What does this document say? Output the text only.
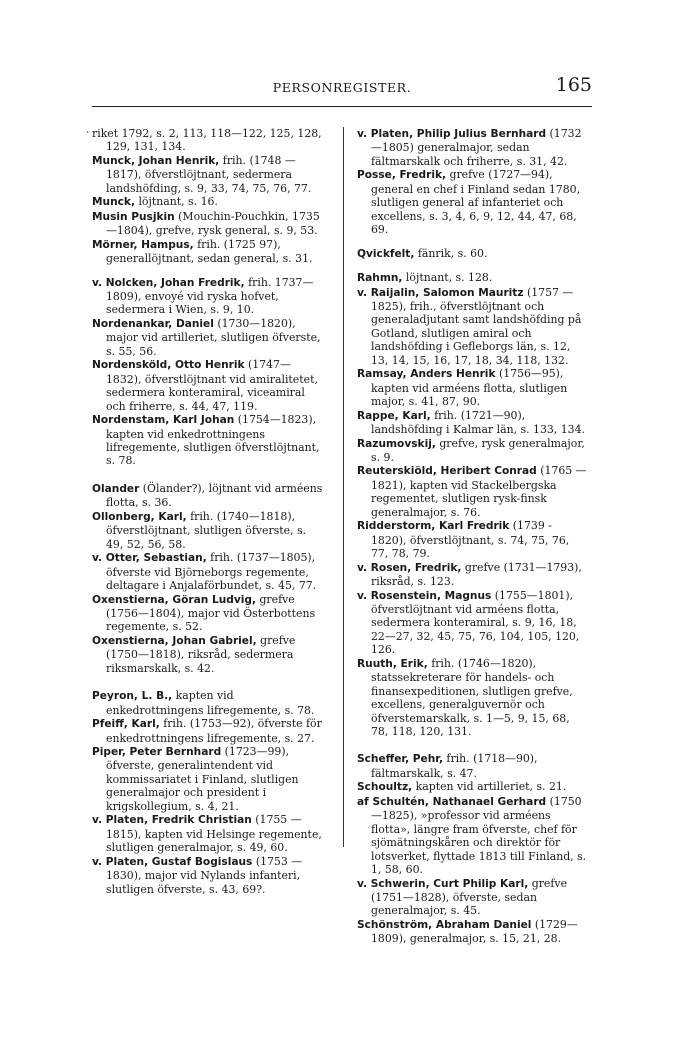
PERSONREGISTER.	165
· riket 1792, s. 2, 113, 118—122, 125, 128, 129, 131, 134.
Munck, Johan Henrik, frih. (1748 —1817), öfverstlöjtnant, sedermera landshöfding, s. 9, 33, 74, 75, 76, 77.
Munck, löjtnant, s. 16.
Musin Pusjkin (Mouchin-Pouchkin, 1735—1804), grefve, rysk general, s. 9, 53.
Mörner, Hampus, frih. (1725 97), generallöjtnant, sedan general, s. 31.
v. Nolcken, Johan Fredrik, frih. 1737—1809), envoyé vid ryska hofvet, sedermera i Wien, s. 9, 10.
Nordenankar, Daniel (1730—1820), major vid artilleriet, slutligen öfverste, s. 55, 56.
Nordensköld, Otto Henrik (1747—1832), öfverstlöjtnant vid amiralitetet, sedermera konteramiral, viceamiral och friherre, s. 44, 47, 119.
Nordenstam, Karl Johan (1754—1823), kapten vid enkedrottningens lifregemente, slutligen öfverstlöjtnant, s. 78.
Olander (Ölander?), löjtnant vid arméens flotta, s. 36.
Ollonberg, Karl, frih. (1740—1818), öfverstlöjtnant, slutligen öfverste, s. 49, 52, 56, 58.
v. Otter, Sebastian, frih. (1737—1805), öfverste vid Björneborgs regemente, deltagare i Anjalaförbundet, s. 45, 77.
Oxenstierna, Göran Ludvig, grefve (1756—1804), major vid Österbottens regemente, s. 52.
Oxenstierna, Johan Gabriel, grefve (1750—1818), riksråd, sedermera riksmarskalk, s. 42.
Peyron, L. B., kapten vid enkedrottningens lifregemente, s. 78.
Pfeiff, Karl, frih. (1753—92), öfverste för enkedrottningens lifregemente, s. 27.
Piper, Peter Bernhard (1723—99), öfverste, generalintendent vid kommissariatet i Finland, slutligen generalmajor och president i krigskollegium, s. 4, 21.
v. Platen, Fredrik Christian (1755 —1815), kapten vid Helsinge regemente, slutligen generalmajor, s. 49, 60.
v. Platen, Gustaf Bogislaus (1753 —1830), major vid Nylands infanteri, slutligen öfverste, s. 43, 69?.
v. Platen, Philip Julius Bernhard (1732—1805) generalmajor, sedan fältmarskalk och friherre, s. 31, 42.
Posse, Fredrik, grefve (1727—94), general en chef i Finland sedan 1780, slutligen general af infanteriet och excellens, s. 3, 4, 6, 9, 12, 44, 47, 68, 69.
Qvickfelt, fänrik, s. 60.
Rahmn, löjtnant, s. 128.
v. Raijalin, Salomon Mauritz (1757 —1825), frih., öfverstlöjtnant och generaladjutant samt landshöfding på Gotland, slutligen amiral och landshöfding i Gefleborgs län, s. 12, 13, 14, 15, 16, 17, 18, 34, 118, 132.
Ramsay, Anders Henrik (1756—95), kapten vid arméens flotta, slutligen major, s. 41, 87, 90.
Rappe, Karl, frih. (1721—90), landshöfding i Kalmar län, s. 133, 134.
Razumovskij, grefve, rysk generalmajor, s. 9.
Reuterskiöld, Heribert Conrad (1765 —1821), kapten vid Stackelbergska regementet, slutligen rysk-finsk generalmajor, s. 76.
Ridderstorm, Karl Fredrik (1739 - 1820), öfverstlöjtnant, s. 74, 75, 76, 77, 78, 79.
v. Rosen, Fredrik, grefve (1731—1793), riksråd, s. 123.
v. Rosenstein, Magnus (1755—1801), öfverstlöjtnant vid arméens flotta, sedermera konteramiral, s. 9, 16, 18, 22—27, 32, 45, 75, 76, 104, 105, 120, 126.
Ruuth, Erik, frih. (1746—1820), statssekreterare för handels- och finansexpeditionen, slutligen grefve, excellens, generalguvernör och öfverstemarskalk, s. 1—5, 9, 15, 68, 78, 118, 120, 131.
Scheffer, Pehr, frih. (1718—90), fältmarskalk, s. 47.
Schoultz, kapten vid artilleriet, s. 21.
af Schultén, Nathanael Gerhard (1750—1825), »professor vid arméens flotta», längre fram öfverste, chef för sjömätningskåren och direktör för lotsverket, flyttade 1813 till Finland, s. 1, 58, 60.
v. Schwerin, Curt Philip Karl, grefve (1751—1828), öfverste, sedan generalmajor, s. 45.
Schönström, Abraham Daniel (1729—1809), generalmajor, s. 15, 21, 28.
